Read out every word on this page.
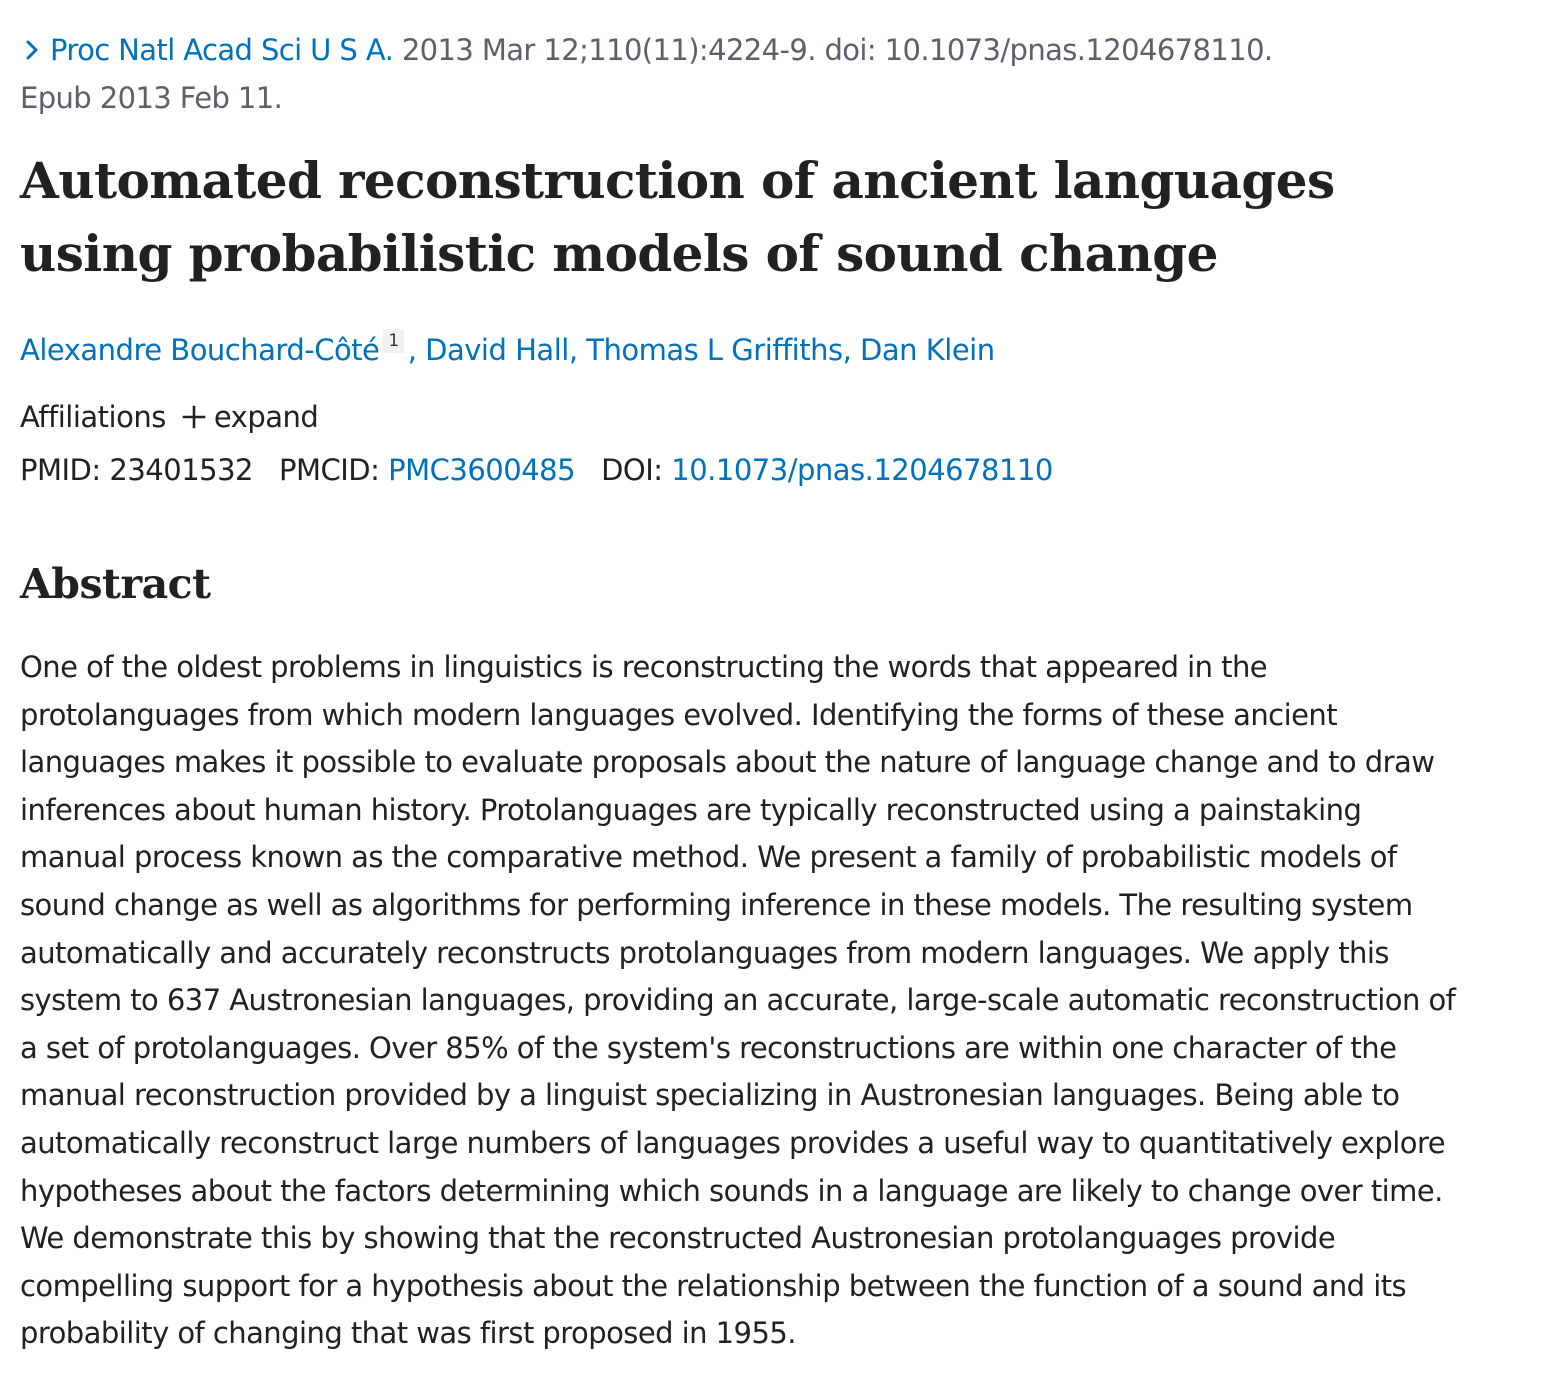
Proc Natl Acad Sci U S A. 2013 Mar 12;110(11):4224-9. doi: 10.1073/pnas.1204678110.
Epub 2013 Feb 11.
Automated reconstruction of ancient languages using probabilistic models of sound change
Alexandre Bouchard-Côté $^1$ , David Hall, Thomas L Griffiths, Dan Klein
Affiliations expand
PMID: 23401532 PMCID: PMC3600485 DOI: 10.1073/pnas.1204678110
Abstract
One of the oldest problems in linguistics is reconstructing the words that appeared in the protolanguages from which modern languages evolved. Identifying the forms of these ancient languages makes it possible to evaluate proposals about the nature of language change and to draw inferences about human history. Protolanguages are typically reconstructed using a painstaking manual process known as the comparative method. We present a family of probabilistic models of sound change as well as algorithms for performing inference in these models. The resulting system automatically and accurately reconstructs protolanguages from modern languages. We apply this system to 637 Austronesian languages, providing an accurate, large-scale automatic reconstruction of a set of protolanguages. Over 85% of the system's reconstructions are within one character of the manual reconstruction provided by a linguist specializing in Austronesian languages. Being able to automatically reconstruct large numbers of languages provides a useful way to quantitatively explore hypotheses about the factors determining which sounds in a language are likely to change over time. We demonstrate this by showing that the reconstructed Austronesian protolanguages provide compelling support for a hypothesis about the relationship between the function of a sound and its probability of changing that was first proposed in 1955.
